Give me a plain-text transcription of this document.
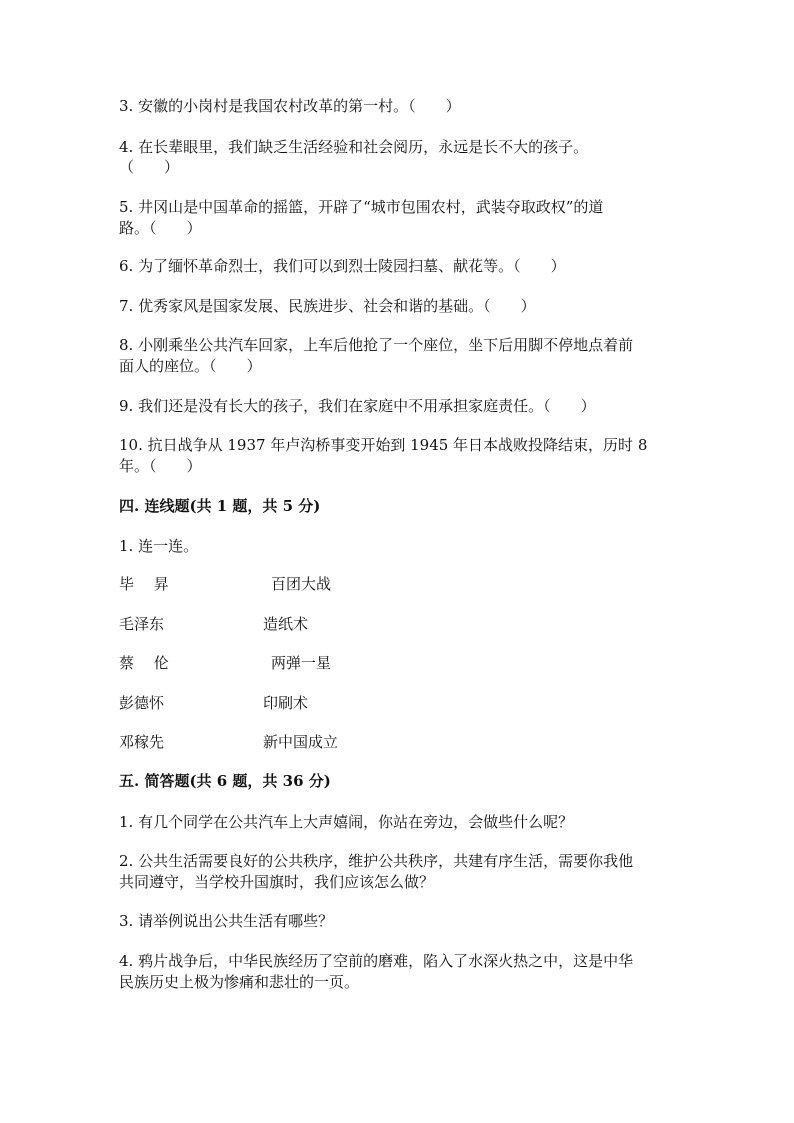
3. 安徽的小岗村是我国农村改革的第一村。（　　）
4. 在长辈眼里，我们缺乏生活经验和社会阅历，永远是长不大的孩子。
（　　）
5. 井冈山是中国革命的摇篮，开辟了“城市包围农村，武装夺取政权”的道
路。（　　）
6. 为了缅怀革命烈士，我们可以到烈士陵园扫墓、献花等。（　　）
7. 优秀家风是国家发展、民族进步、社会和谐的基础。（　　）
8. 小刚乘坐公共汽车回家，上车后他抢了一个座位，坐下后用脚不停地点着前
面人的座位。（　　）
9. 我们还是没有长大的孩子，我们在家庭中不用承担家庭责任。（　　）
10. 抗日战争从 1937 年卢沟桥事变开始到 1945 年日本战败投降结束，历时 8
年。（　　）
四. 连线题(共 1 题，共 5 分)
1. 连一连。
毕　 昇	百团大战
毛泽东	造纸术
蔡　 伦	两弹一星
彭德怀	印刷术
邓稼先	新中国成立
五. 简答题(共 6 题，共 36 分)
1. 有几个同学在公共汽车上大声嬉闹，你站在旁边，会做些什么呢？
2. 公共生活需要良好的公共秩序，维护公共秩序，共建有序生活，需要你我他
共同遵守，当学校升国旗时，我们应该怎么做？
3. 请举例说出公共生活有哪些？
4. 鸦片战争后，中华民族经历了空前的磨难，陷入了水深火热之中，这是中华
民族历史上极为惨痛和悲壮的一页。
